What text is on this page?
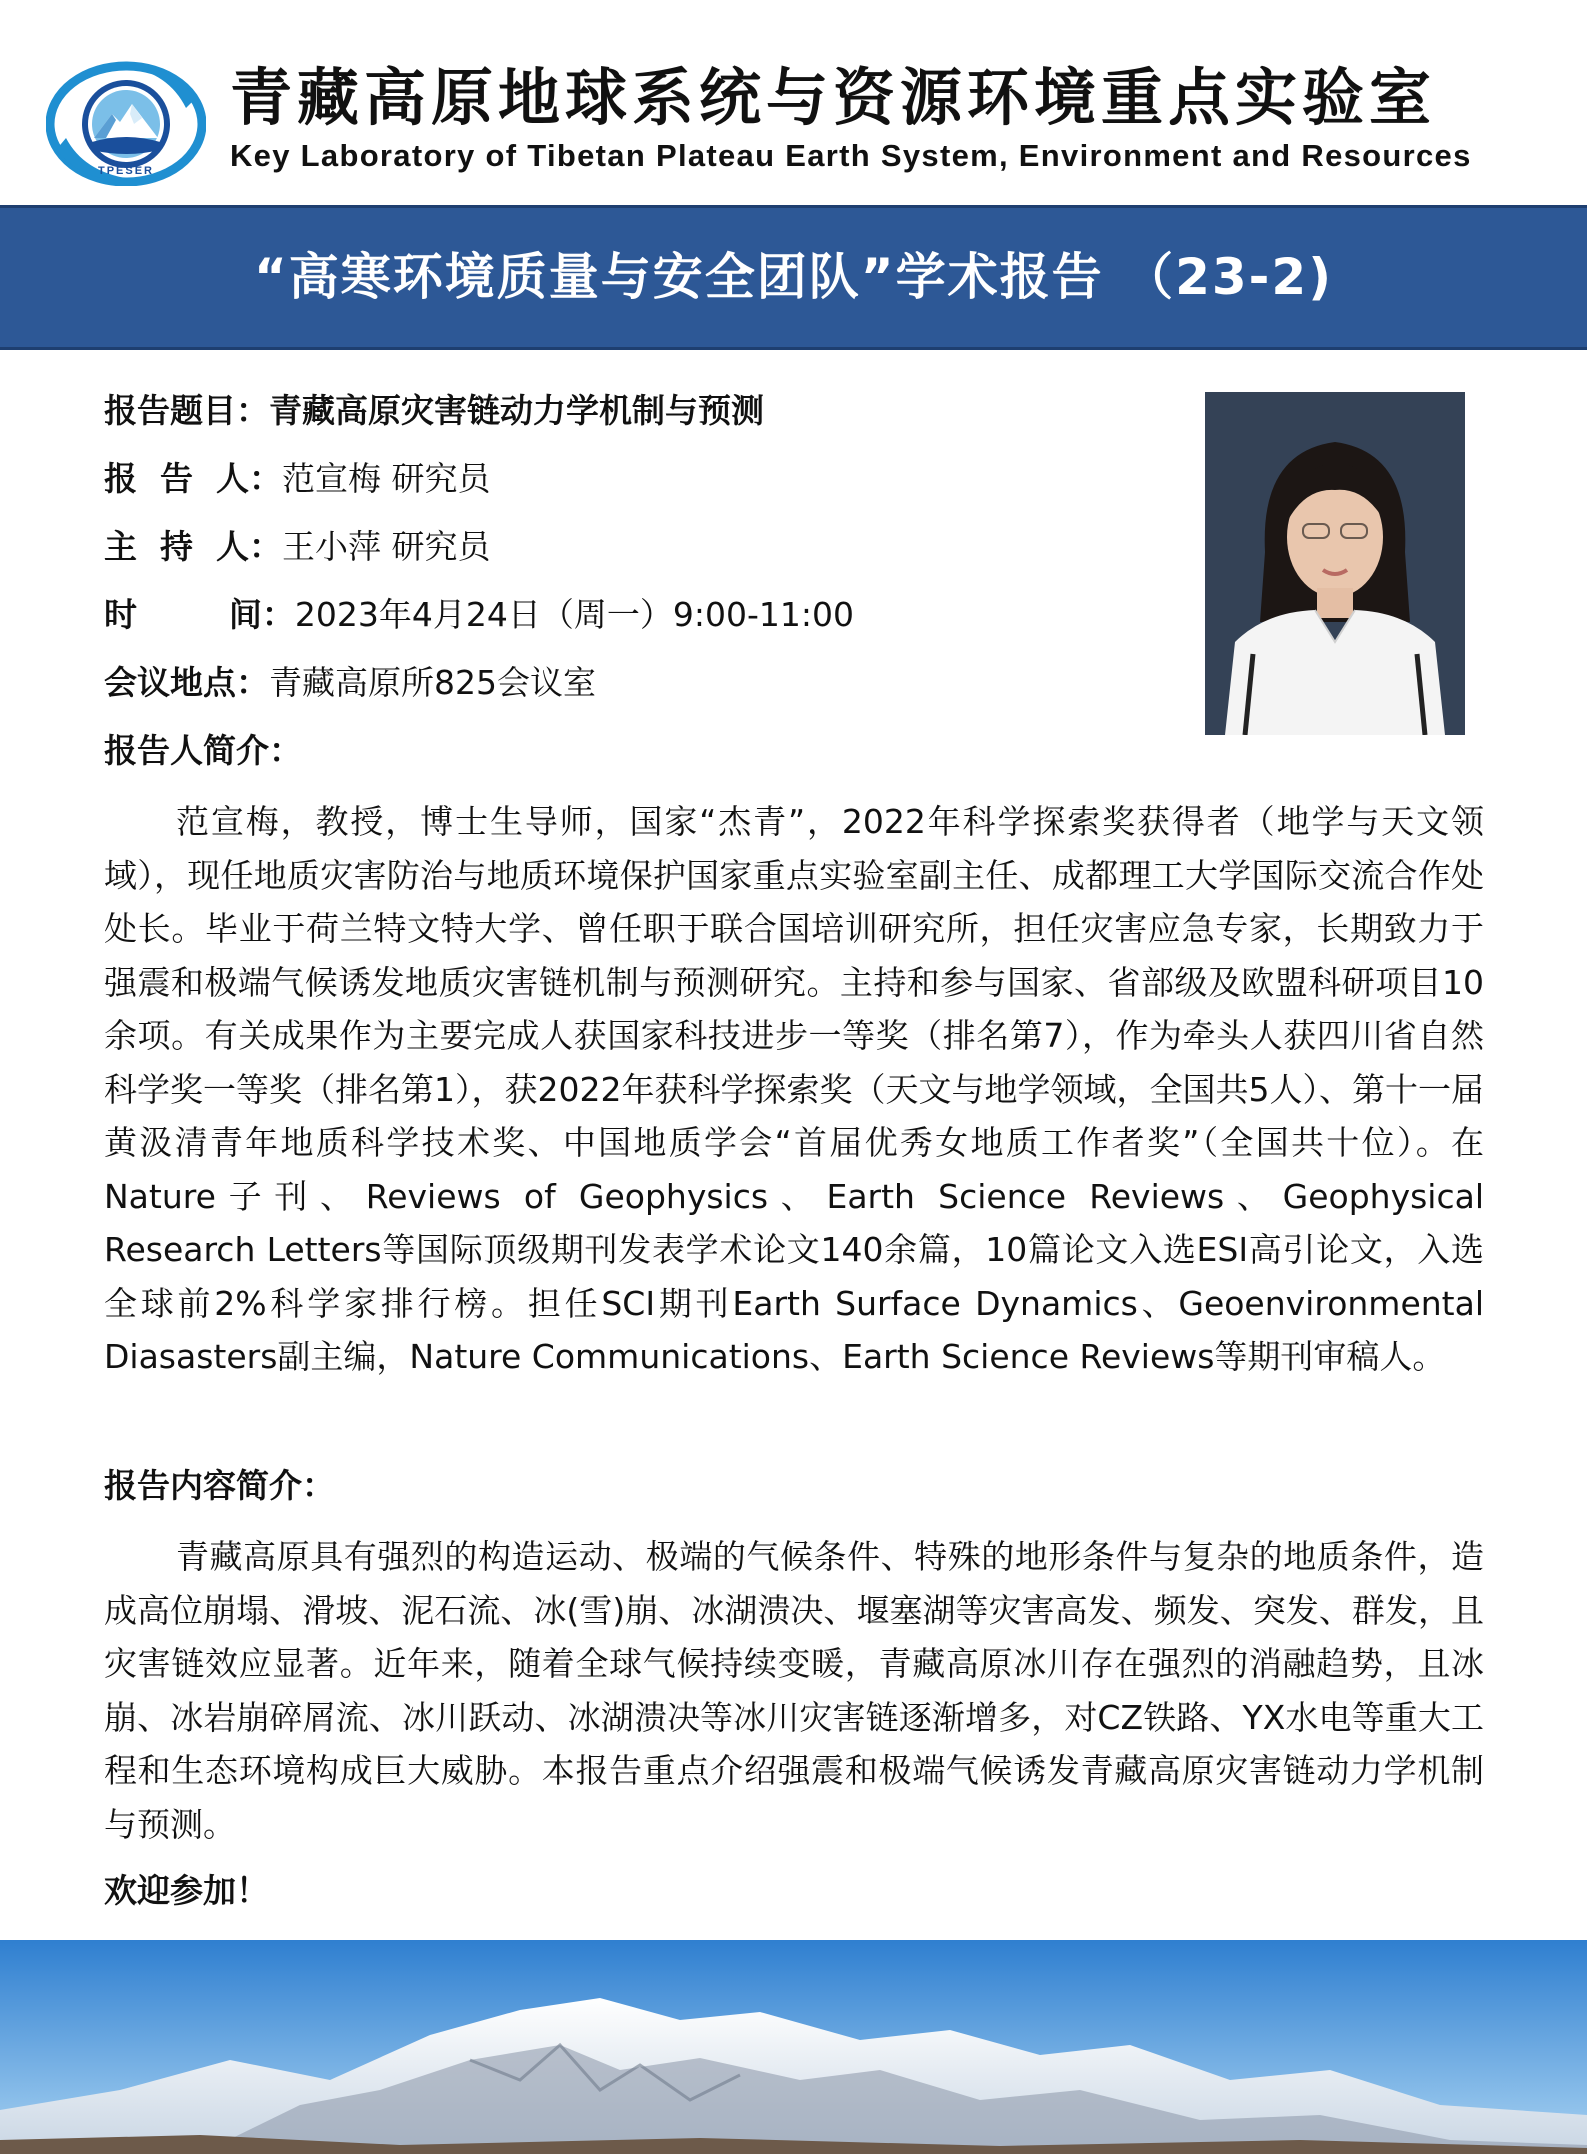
TPESER
青藏高原地球系统与资源环境重点实验室
Key Laboratory of Tibetan Plateau Earth System, Environment and Resources
“高寒环境质量与安全团队”学术报告 （23-2)
报告题目：青藏高原灾害链动力学机制与预测
报  告  人：范宣梅 研究员
主  持  人：王小萍 研究员
时        间：2023年4月24日（周一）9:00-11:00
会议地点：青藏高原所825会议室
报告人简介：
范宣梅，教授，博士生导师，国家“杰青”，2022年科学探索奖获得者（地学与天文领域），现任地质灾害防治与地质环境保护国家重点实验室副主任、成都理工大学国际交流合作处处长。毕业于荷兰特文特大学、曾任职于联合国培训研究所，担任灾害应急专家，长期致力于强震和极端气候诱发地质灾害链机制与预测研究。主持和参与国家、省部级及欧盟科研项目10余项。有关成果作为主要完成人获国家科技进步一等奖（排名第7），作为牵头人获四川省自然科学奖一等奖（排名第1），获2022年获科学探索奖（天文与地学领域，全国共5人）、第十一届黄汲清青年地质科学技术奖、中国地质学会“首届优秀女地质工作者奖”（全国共十位）。在Nature子刊、Reviews of Geophysics、Earth Science Reviews、Geophysical Research Letters等国际顶级期刊发表学术论文140余篇，10篇论文入选ESI高引论文，入选全球前2%科学家排行榜。担任SCI期刊Earth Surface Dynamics、Geoenvironmental Diasasters副主编，Nature Communications、Earth Science Reviews等期刊审稿人。
报告内容简介：
青藏高原具有强烈的构造运动、极端的气候条件、特殊的地形条件与复杂的地质条件，造成高位崩塌、滑坡、泥石流、冰(雪)崩、冰湖溃决、堰塞湖等灾害高发、频发、突发、群发，且灾害链效应显著。近年来，随着全球气候持续变暖，青藏高原冰川存在强烈的消融趋势，且冰崩、冰岩崩碎屑流、冰川跃动、冰湖溃决等冰川灾害链逐渐增多，对CZ铁路、YX水电等重大工程和生态环境构成巨大威胁。本报告重点介绍强震和极端气候诱发青藏高原灾害链动力学机制与预测。
欢迎参加！
